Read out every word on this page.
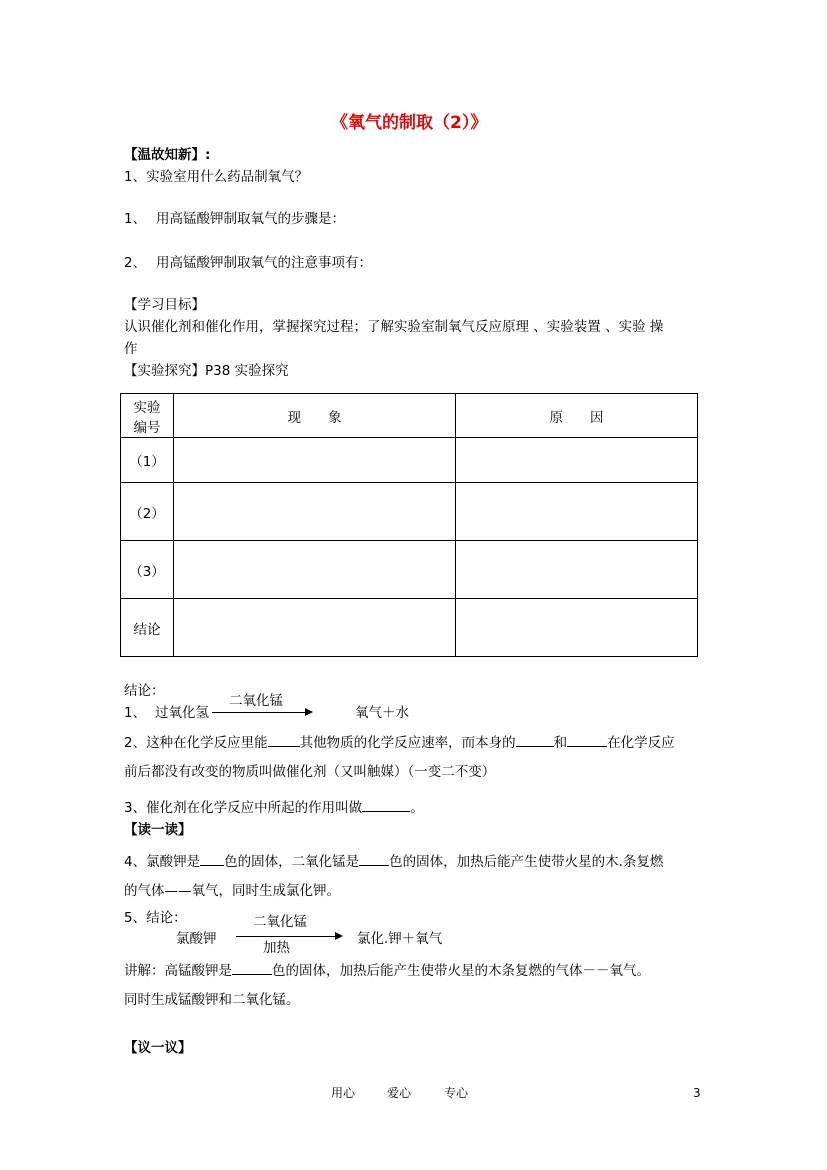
《氧气的制取（2）》
【温故知新】:
1、实验室用什么药品制氧气？
1、 用高锰酸钾制取氧气的步骤是：
2、 用高锰酸钾制取氧气的注意事项有：
【学习目标】
认识催化剂和催化作用，掌握探究过程；了解实验室制氧气反应原理 、实验装置 、实验 操
作
【实验探究】P38 实验探究
实验
编号	现　　象	原　　因
（1）		
（2）		
（3）		
结论		
结论：
1、 过氧化氢
二氧化锰
氧气＋水
2、这种在化学反应里能 其他物质的化学反应速率，而本身的	和	在化学反应
前后都没有改变的物质叫做催化剂（又叫触媒）（一变二不变）
3、催化剂在化学反应中所起的作用叫做	。
【读一读】
4、氯酸钾是 色的固体，二氧化锰是 色的固体，加热后能产生使带火星的木.条复燃
的气体——氧气，同时生成氯化钾。
5、结论：	二氧化锰
氯酸钾
加热
氯化.钾＋氧气
讲解：高锰酸钾是	色的固体，加热后能产生使带火星的木条复燃的气体－－氧气。
同时生成锰酸钾和二氧化锰。
【议一议】
用心	爱心	专心	3
